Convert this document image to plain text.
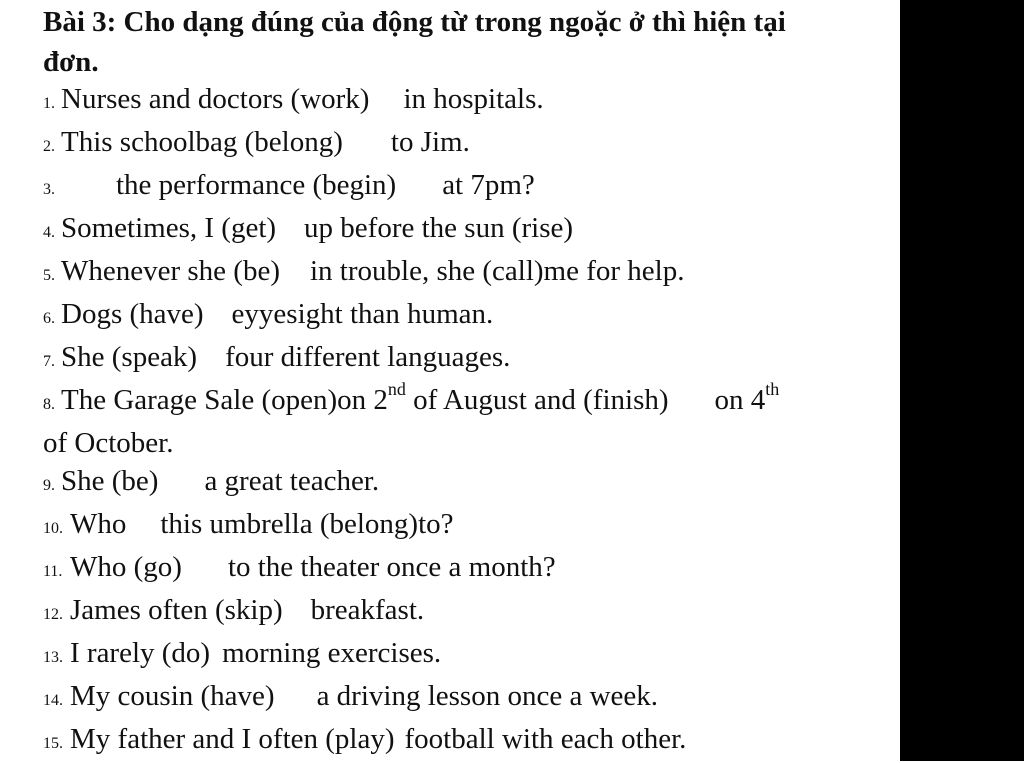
Bài 3: Cho dạng đúng của động từ trong ngoặc ở thì hiện tại
đơn.
1. Nurses and doctors (work) in hospitals.
2. This schoolbag (belong) to Jim.
3. the performance (begin) at 7pm?
4. Sometimes, I (get) up before the sun (rise)
5. Whenever she (be) in trouble, she (call)me for help.
6. Dogs (have) eyyesight than human.
7. She (speak) four different languages.
8. The Garage Sale (open)on 2nd of August and (finish) on 4th
of October.
9. She (be) a great teacher.
10. Who this umbrella (belong)to?
11. Who (go) to the theater once a month?
12. James often (skip) breakfast.
13. I rarely (do) morning exercises.
14. My cousin (have) a driving lesson once a week.
15. My father and I often (play) football with each other.
